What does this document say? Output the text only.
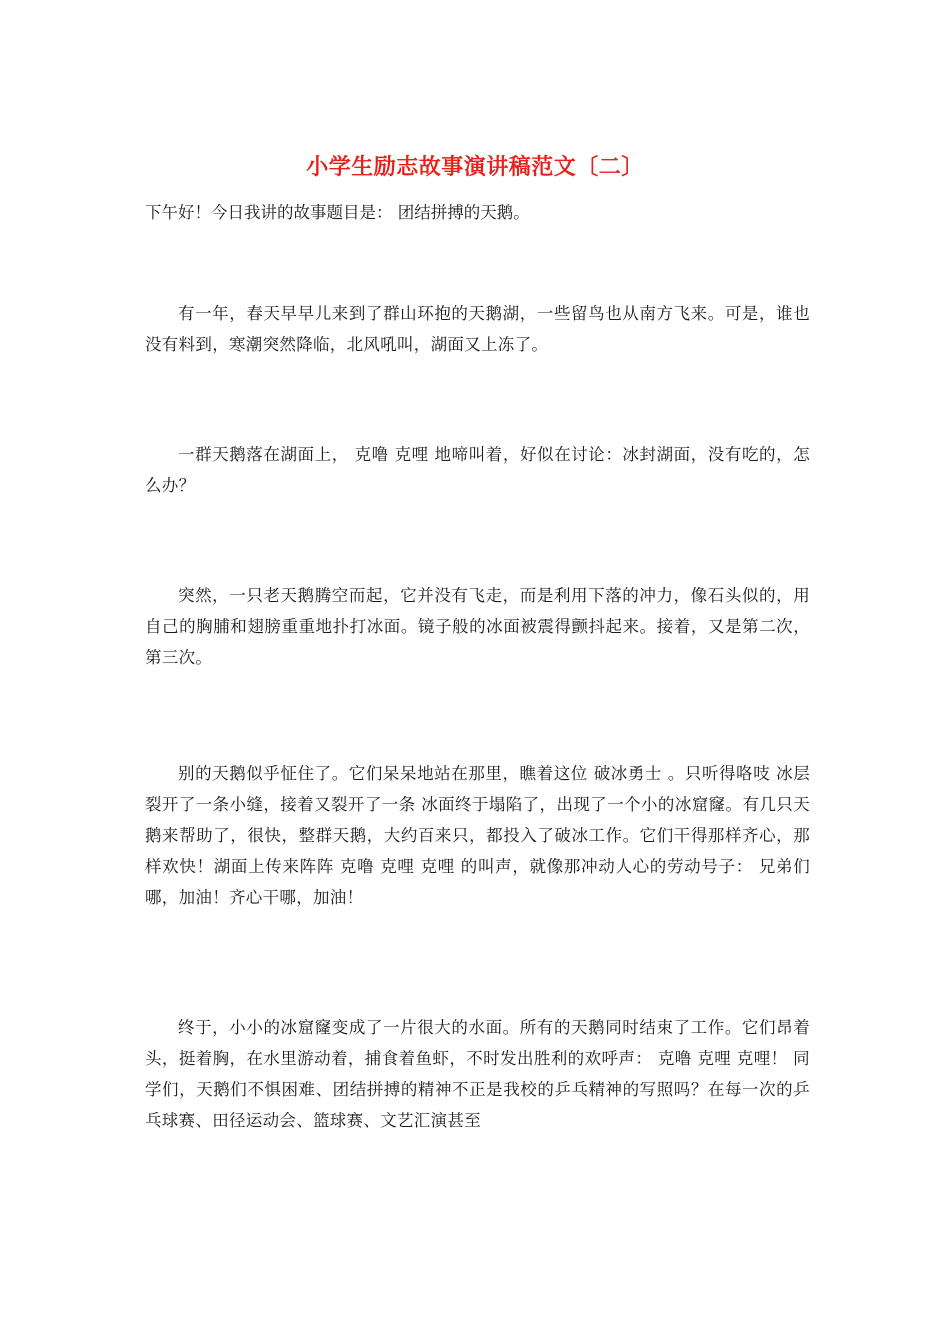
小学生励志故事演讲稿范文〔二〕
下午好！今日我讲的故事题目是： 团结拼搏的天鹅。

有一年，春天早早儿来到了群山环抱的天鹅湖，一些留鸟也从南方飞来。可是，谁也没有料到，寒潮突然降临，北风吼叫，湖面又上冻了。

一群天鹅落在湖面上， 克噜 克哩 地啼叫着，好似在讨论：冰封湖面，没有吃的，怎么办？

突然，一只老天鹅腾空而起，它并没有飞走，而是利用下落的冲力，像石头似的，用自己的胸脯和翅膀重重地扑打冰面。镜子般的冰面被震得颤抖起来。接着，又是第二次，第三次。

别的天鹅似乎怔住了。它们呆呆地站在那里，瞧着这位 破冰勇士 。只听得咯吱 冰层裂开了一条小缝，接着又裂开了一条 冰面终于塌陷了，出现了一个小的冰窟窿。有几只天鹅来帮助了，很快，整群天鹅，大约百来只，都投入了破冰工作。它们干得那样齐心，那样欢快！湖面上传来阵阵 克噜 克哩 克哩 的叫声，就像那冲动人心的劳动号子： 兄弟们哪，加油！齐心干哪，加油！

终于，小小的冰窟窿变成了一片很大的水面。所有的天鹅同时结束了工作。它们昂着头，挺着胸，在水里游动着，捕食着鱼虾，不时发出胜利的欢呼声： 克噜 克哩 克哩！ 同学们，天鹅们不惧困难、团结拼搏的精神不正是我校的乒乓精神的写照吗？在每一次的乒乓球赛、田径运动会、篮球赛、文艺汇演甚至
